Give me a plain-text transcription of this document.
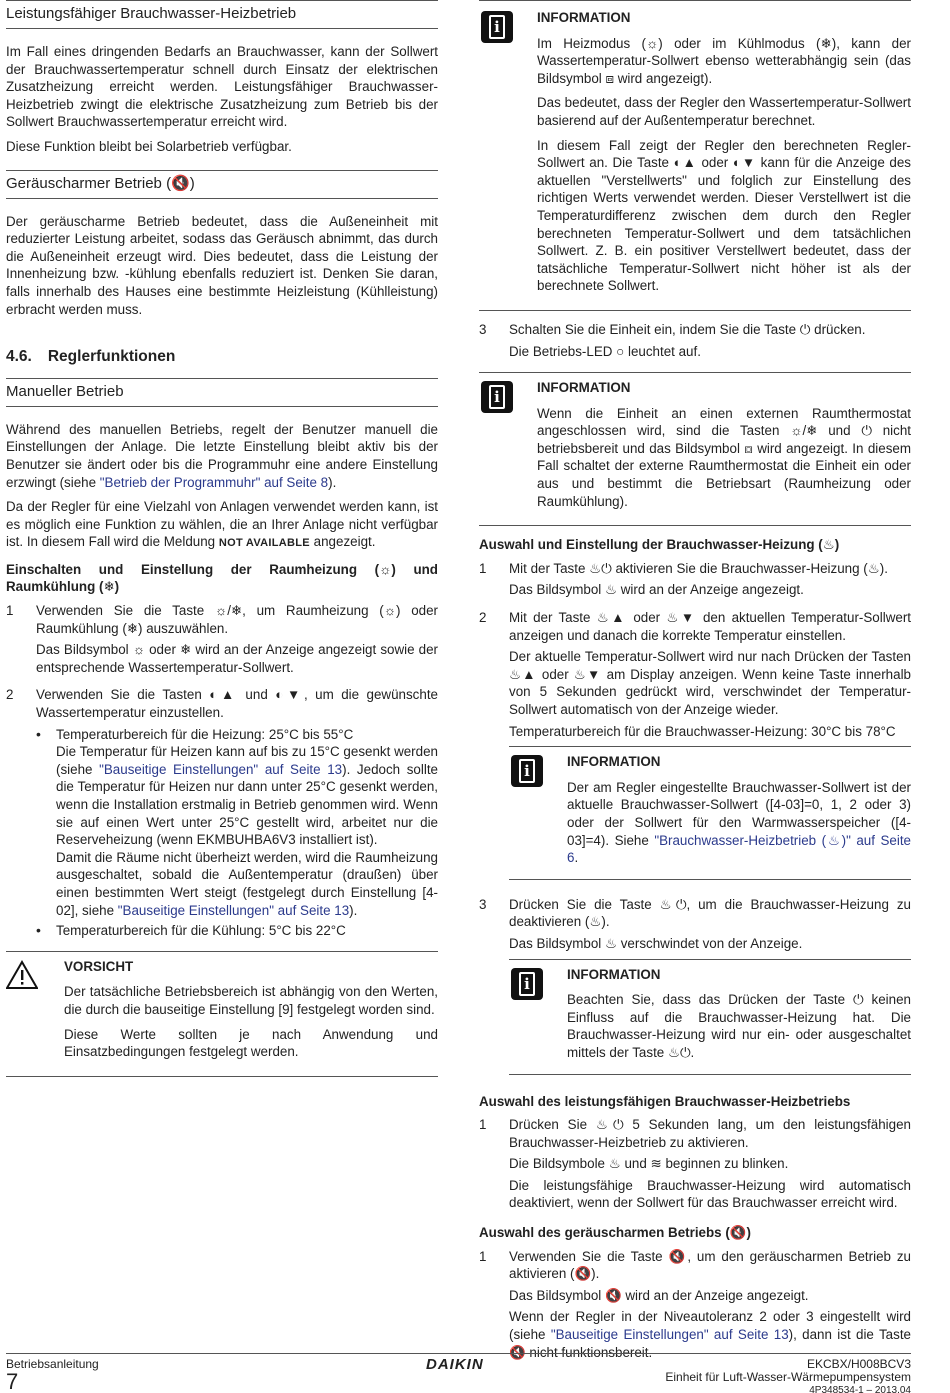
Leistungsfähiger Brauchwasser-Heizbetrieb
Im Fall eines dringenden Bedarfs an Brauchwasser, kann der Sollwert der Brauchwassertemperatur schnell durch Einsatz der elektrischen Zusatzheizung erreicht werden. Leistungsfähiger Brauchwasser-Heizbetrieb zwingt die elektrische Zusatzheizung zum Betrieb bis der Sollwert Brauchwassertemperatur erreicht wird.
Diese Funktion bleibt bei Solarbetrieb verfügbar.
Geräuscharmer Betrieb (🔇)
Der geräuscharme Betrieb bedeutet, dass die Außeneinheit mit reduzierter Leistung arbeitet, sodass das Geräusch abnimmt, das durch die Außeneinheit erzeugt wird. Dies bedeutet, dass die Leistung der Innenheizung bzw. -kühlung ebenfalls reduziert ist. Denken Sie daran, falls innerhalb des Hauses eine bestimmte Heizleistung (Kühlleistung) erbracht werden muss.
4.6. Reglerfunktionen
Manueller Betrieb
Während des manuellen Betriebs, regelt der Benutzer manuell die Einstellungen der Anlage. Die letzte Einstellung bleibt aktiv bis der Benutzer sie ändert oder bis die Programmuhr eine andere Einstellung erzwingt (siehe "Betrieb der Programmuhr" auf Seite 8).
Da der Regler für eine Vielzahl von Anlagen verwendet werden kann, ist es möglich eine Funktion zu wählen, die an Ihrer Anlage nicht verfügbar ist. In diesem Fall wird die Meldung NOT AVAILABLE angezeigt.
Einschalten und Einstellung der Raumheizung (☼) und Raumkühlung (❄)
1	Verwenden Sie die Taste ☼/❄, um Raumheizung (☼) oder Raumkühlung (❄) auszuwählen.
Das Bildsymbol ☼ oder ❄ wird an der Anzeige angezeigt sowie der entsprechende Wassertemperatur-Sollwert.
2	Verwenden Sie die Tasten ◐▲ und ◐▼, um die gewünschte Wassertemperatur einzustellen.
•	Temperaturbereich für die Heizung: 25°C bis 55°C
Die Temperatur für Heizen kann auf bis zu 15°C gesenkt werden (siehe "Bauseitige Einstellungen" auf Seite 13). Jedoch sollte die Temperatur für Heizen nur dann unter 25°C gesenkt werden, wenn die Installation erstmalig in Betrieb genommen wird. Wenn sie auf einen Wert unter 25°C gestellt wird, arbeitet nur die Reserveheizung (wenn EKMBUHBA6V3 installiert ist).
Damit die Räume nicht überheizt werden, wird die Raumheizung ausgeschaltet, sobald die Außentemperatur (draußen) über einen bestimmten Wert steigt (festgelegt durch Einstellung [4-02], siehe "Bauseitige Einstellungen" auf Seite 13).
•	Temperaturbereich für die Kühlung: 5°C bis 22°C
VORSICHT
Der tatsächliche Betriebsbereich ist abhängig von den Werten, die durch die bauseitige Einstellung [9] festgelegt worden sind.
Diese Werte sollten je nach Anwendung und Einsatzbedingungen festgelegt werden.
i
INFORMATION
Im Heizmodus (☼) oder im Kühlmodus (❄), kann der Wassertemperatur-Sollwert ebenso wetterabhängig sein (das Bildsymbol ⧈ wird angezeigt).
Das bedeutet, dass der Regler den Wassertemperatur-Sollwert basierend auf der Außentemperatur berechnet.
In diesem Fall zeigt der Regler den berechneten Regler-Sollwert an. Die Taste ◐▲ oder ◐▼ kann für die Anzeige des aktuellen "Verstellwerts" und folglich zur Einstellung des richtigen Werts verwendet werden. Dieser Verstellwert ist die Temperaturdifferenz zwischen dem durch den Regler berechneten Temperatur-Sollwert und dem tatsächlichen Sollwert. Z. B. ein positiver Verstellwert bedeutet, dass der tatsächliche Temperatur-Sollwert nicht höher ist als der berechnete Sollwert.
3	Schalten Sie die Einheit ein, indem Sie die Taste ⏻ drücken.
Die Betriebs-LED ○ leuchtet auf.
i
INFORMATION
Wenn die Einheit an einen externen Raumthermostat angeschlossen wird, sind die Tasten ☼/❄ und ⏻ nicht betriebsbereit und das Bildsymbol ⧈ wird angezeigt. In diesem Fall schaltet der externe Raumthermostat die Einheit ein oder aus und bestimmt die Betriebsart (Raumheizung oder Raumkühlung).
Auswahl und Einstellung der Brauchwasser-Heizung (♨)
1	Mit der Taste ♨⏻ aktivieren Sie die Brauchwasser-Heizung (♨).
Das Bildsymbol ♨ wird an der Anzeige angezeigt.
2	Mit der Taste ♨▲ oder ♨▼ den aktuellen Temperatur-Sollwert anzeigen und danach die korrekte Temperatur einstellen.
Der aktuelle Temperatur-Sollwert wird nur nach Drücken der Tasten ♨▲ oder ♨▼ am Display anzeigen. Wenn keine Taste innerhalb von 5 Sekunden gedrückt wird, verschwindet der Temperatur-Sollwert automatisch von der Anzeige wieder.
Temperaturbereich für die Brauchwasser-Heizung: 30°C bis 78°C
i
INFORMATION
Der am Regler eingestellte Brauchwasser-Sollwert ist der aktuelle Brauchwasser-Sollwert ([4-03]=0, 1, 2 oder 3) oder der Sollwert für den Warmwasserspeicher ([4-03]=4). Siehe "Brauchwasser-Heizbetrieb (♨)" auf Seite 6.
3	Drücken Sie die Taste ♨⏻, um die Brauchwasser-Heizung zu deaktivieren (♨).
Das Bildsymbol ♨ verschwindet von der Anzeige.
i
INFORMATION
Beachten Sie, dass das Drücken der Taste ⏻ keinen Einfluss auf die Brauchwasser-Heizung hat. Die Brauchwasser-Heizung wird nur ein- oder ausgeschaltet mittels der Taste ♨⏻.
Auswahl des leistungsfähigen Brauchwasser-Heizbetriebs
1	Drücken Sie ♨⏻ 5 Sekunden lang, um den leistungsfähigen Brauchwasser-Heizbetrieb zu aktivieren.
Die Bildsymbole ♨ und ≋ beginnen zu blinken.
Die leistungsfähige Brauchwasser-Heizung wird automatisch deaktiviert, wenn der Sollwert für das Brauchwasser erreicht wird.
Auswahl des geräuscharmen Betriebs (🔇)
1	Verwenden Sie die Taste 🔇, um den geräuscharmen Betrieb zu aktivieren (🔇).
Das Bildsymbol 🔇 wird an der Anzeige angezeigt.
Wenn der Regler in der Niveautoleranz 2 oder 3 eingestellt wird (siehe "Bauseitige Einstellungen" auf Seite 13), dann ist die Taste 🔇 nicht funktionsbereit.
Betriebsanleitung
7
DAIKIN	EKCBX/H008BCV3
Einheit für Luft-Wasser-Wärmepumpensystem
4P348534-1 – 2013.04
